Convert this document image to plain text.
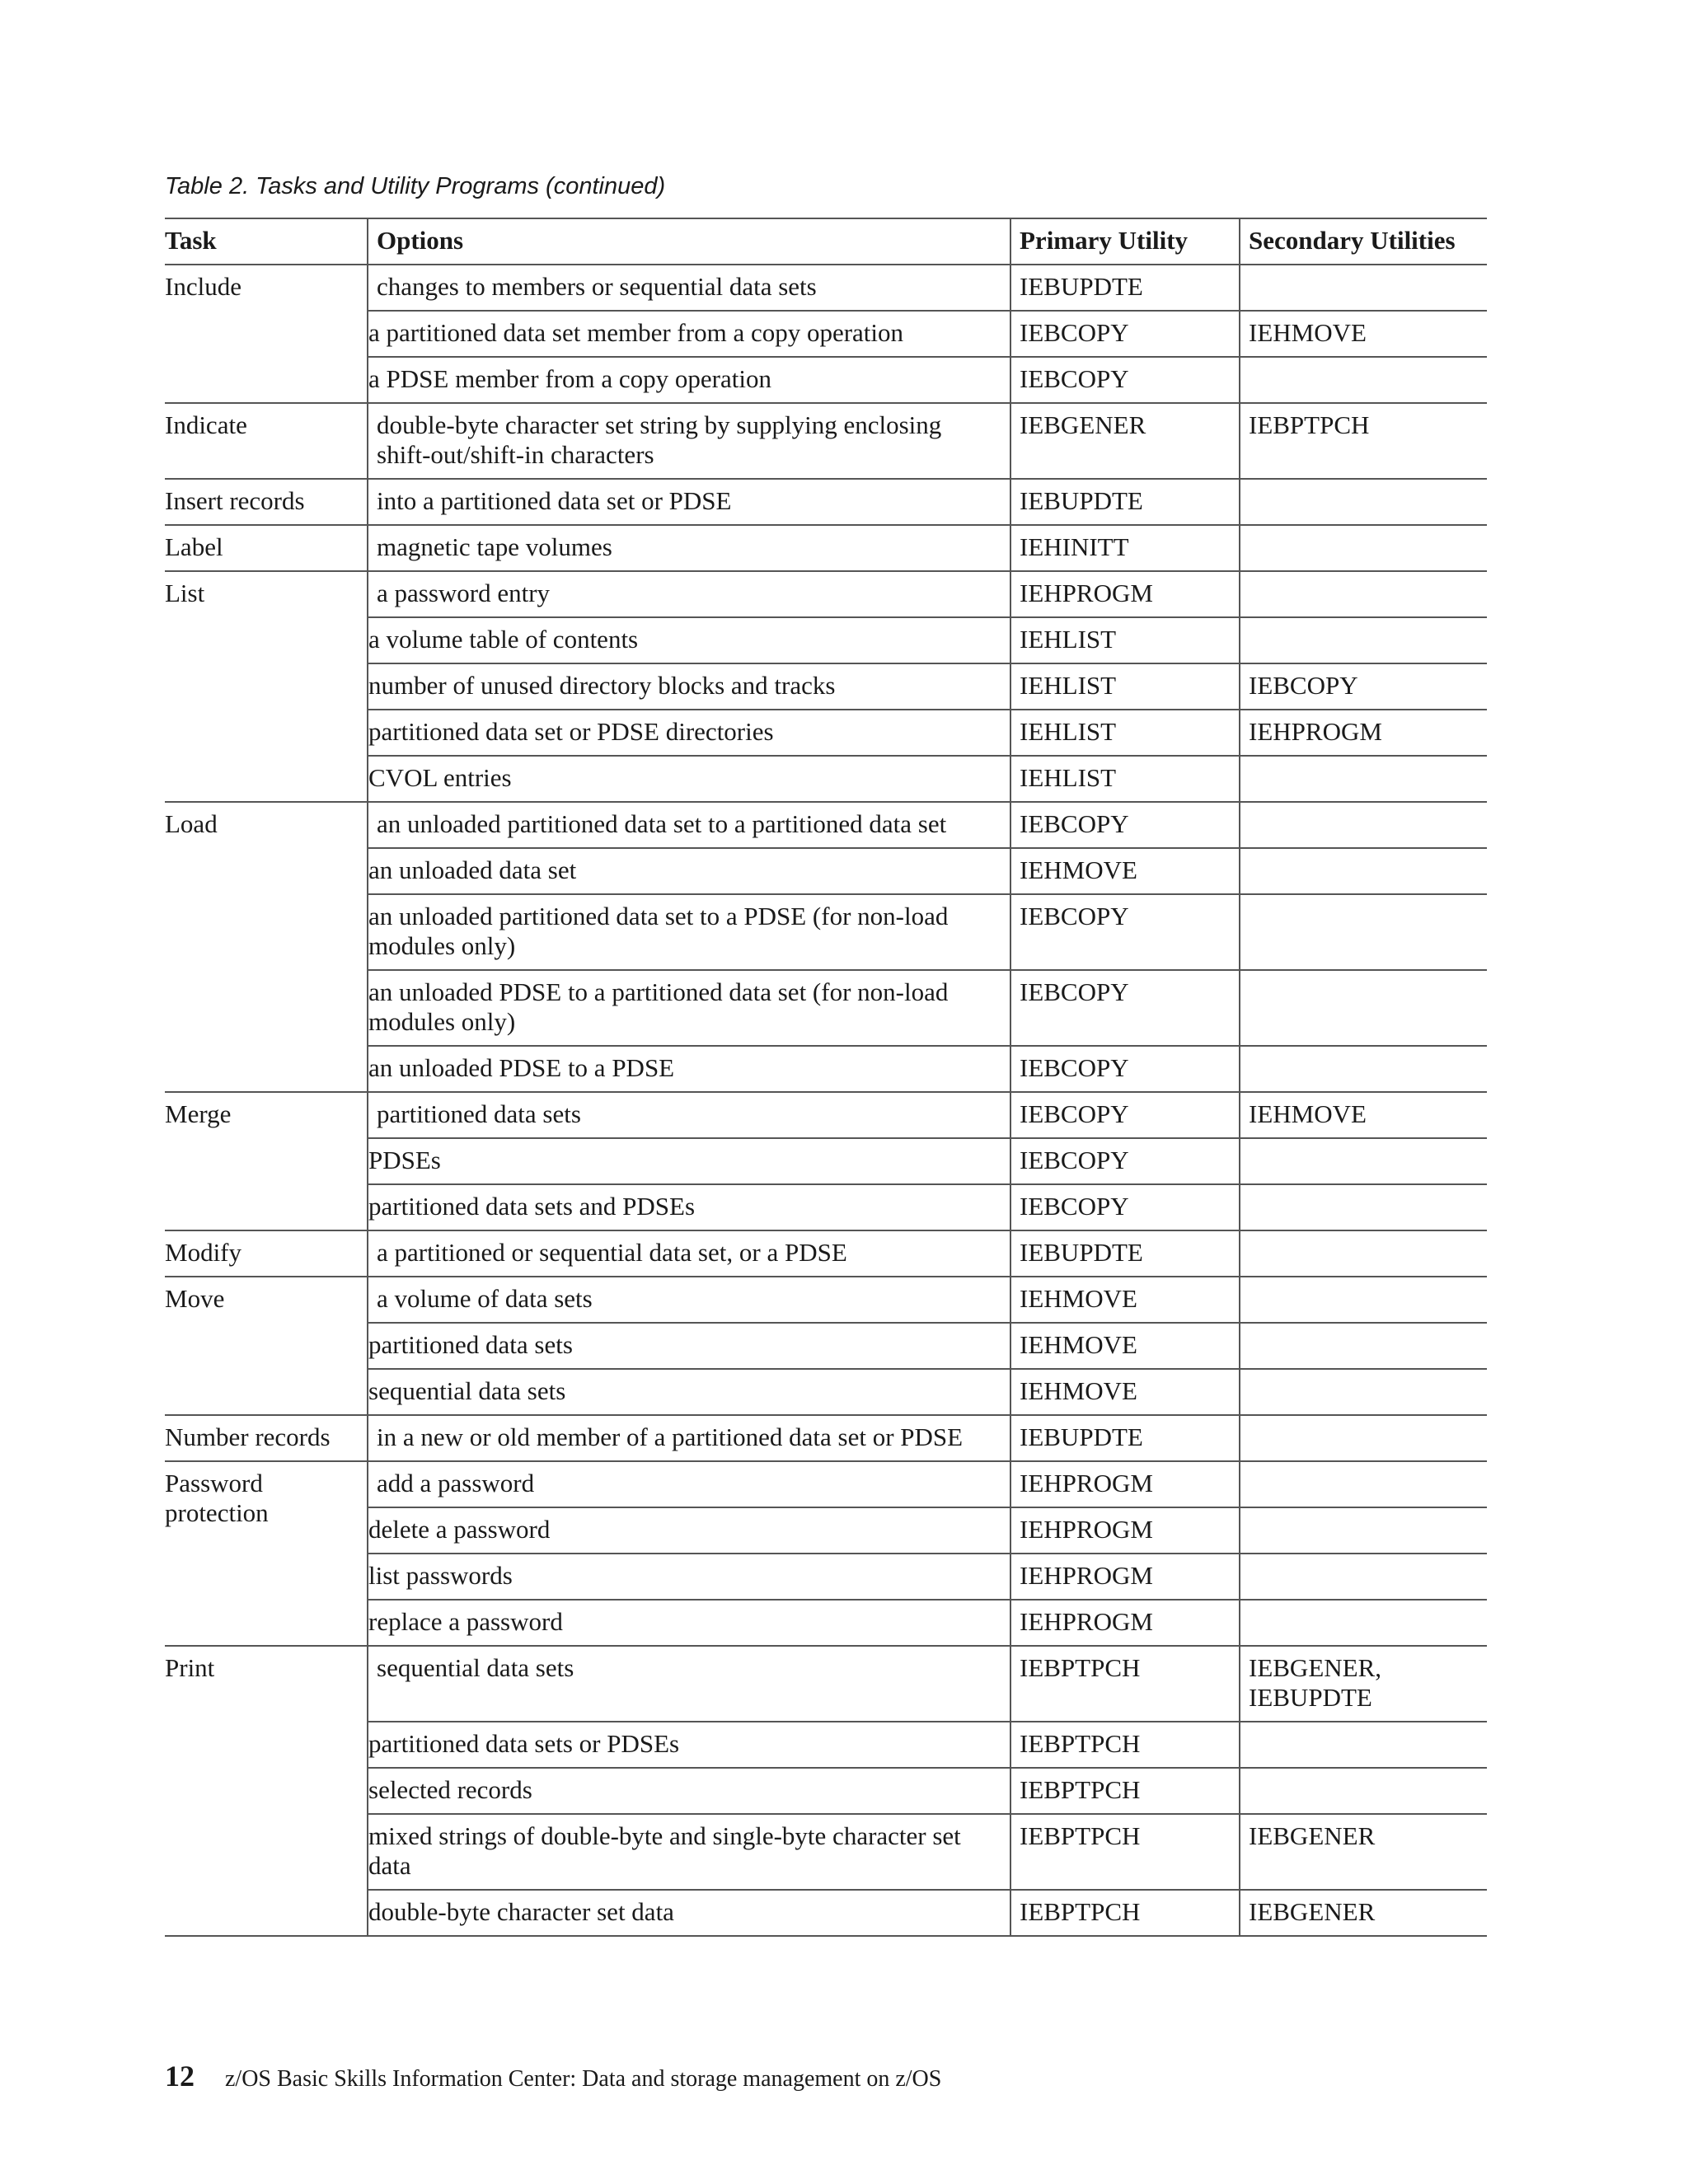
Table 2. Tasks and Utility Programs (continued)
Task	Options	Primary Utility	Secondary Utilities
Include	changes to members or sequential data sets	IEBUPDTE	
	a partitioned data set member from a copy operation	IEBCOPY	IEHMOVE
	a PDSE member from a copy operation	IEBCOPY	
Indicate	double-byte character set string by supplying enclosing shift-out/shift-in characters	IEBGENER	IEBPTPCH
Insert records	into a partitioned data set or PDSE	IEBUPDTE	
Label	magnetic tape volumes	IEHINITT	
List	a password entry	IEHPROGM	
	a volume table of contents	IEHLIST	
	number of unused directory blocks and tracks	IEHLIST	IEBCOPY
	partitioned data set or PDSE directories	IEHLIST	IEHPROGM
	CVOL entries	IEHLIST	
Load	an unloaded partitioned data set to a partitioned data set	IEBCOPY	
	an unloaded data set	IEHMOVE	
	an unloaded partitioned data set to a PDSE (for non-load modules only)	IEBCOPY	
	an unloaded PDSE to a partitioned data set (for non-load modules only)	IEBCOPY	
	an unloaded PDSE to a PDSE	IEBCOPY	
Merge	partitioned data sets	IEBCOPY	IEHMOVE
	PDSEs	IEBCOPY	
	partitioned data sets and PDSEs	IEBCOPY	
Modify	a partitioned or sequential data set, or a PDSE	IEBUPDTE	
Move	a volume of data sets	IEHMOVE	
	partitioned data sets	IEHMOVE	
	sequential data sets	IEHMOVE	
Number records	in a new or old member of a partitioned data set or PDSE	IEBUPDTE	
Password protection	add a password	IEHPROGM	
	delete a password	IEHPROGM	
	list passwords	IEHPROGM	
	replace a password	IEHPROGM	
Print	sequential data sets	IEBPTPCH	IEBGENER, IEBUPDTE
	partitioned data sets or PDSEs	IEBPTPCH	
	selected records	IEBPTPCH	
	mixed strings of double-byte and single-byte character set data	IEBPTPCH	IEBGENER
	double-byte character set data	IEBPTPCH	IEBGENER
12 z/OS Basic Skills Information Center: Data and storage management on z/OS
